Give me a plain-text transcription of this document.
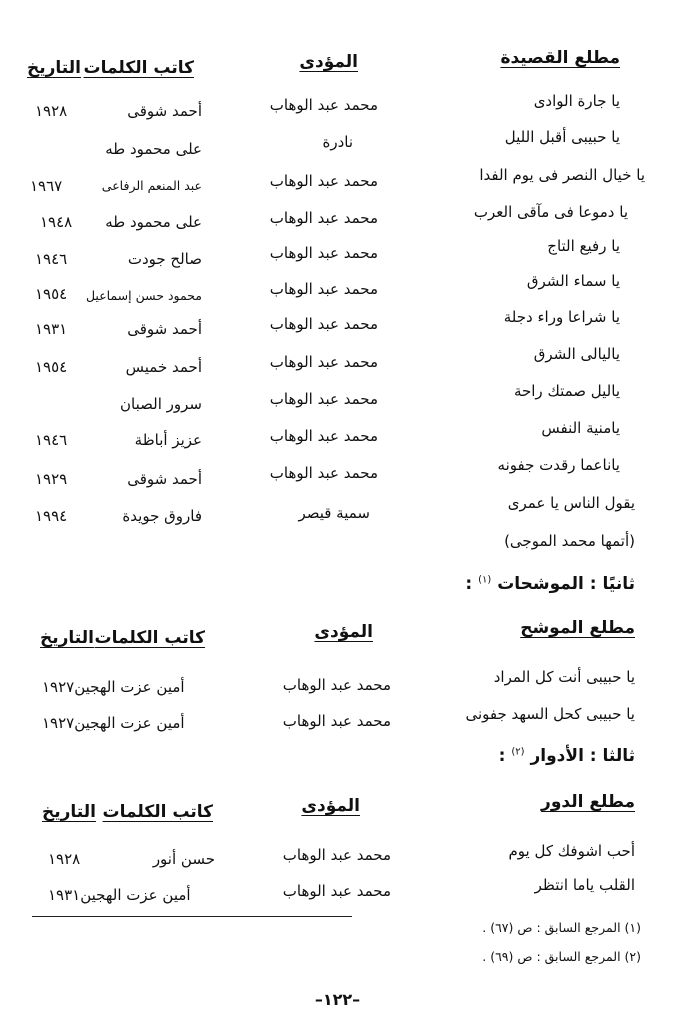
مطلع القصيدة
المؤدى
كاتب الكلمات
التاريخ
يا جارة الوادى
محمد عبد الوهاب
أحمد شوقى
١٩٢٨
يا حبيبى أقبل الليل
نادرة
على محمود طه
يا خيال النصر فى يوم الفدا
محمد عبد الوهاب
عبد المنعم الرفاعى
١٩٦٧
يا دموعا فى مآقى العرب
محمد عبد الوهاب
على محمود طه
١٩٤٨
يا رفيع التاج
محمد عبد الوهاب
صالح جودت
١٩٤٦
يا سماء الشرق
محمد عبد الوهاب
محمود حسن إسماعيل
١٩٥٤
يا شراعا وراء دجلة
محمد عبد الوهاب
أحمد شوقى
١٩٣١
ياليالى الشرق
محمد عبد الوهاب
أحمد خميس
١٩٥٤
ياليل صمتك راحة
محمد عبد الوهاب
سرور الصبان
يامنية النفس
محمد عبد الوهاب
عزيز أباظة
١٩٤٦
ياناعما رقدت جفونه
محمد عبد الوهاب
أحمد شوقى
١٩٢٩
يقول الناس يا عمرى
سمية قيصر
فاروق جويدة
١٩٩٤
(أتمها محمد الموجى)
ثانيًا : الموشحات $^{(١)}$ :
مطلع الموشح
المؤدى
كاتب الكلمات
التاريخ
يا حبيبى أنت كل المراد
محمد عبد الوهاب
أمين عزت الهجين١٩٢٧
يا حبيبى كحل السهد جفونى
محمد عبد الوهاب
أمين عزت الهجين١٩٢٧
ثالثا : الأدوار $^{(٢)}$ :
مطلع الدور
المؤدى
كاتب الكلمات
التاريخ
أحب اشوفك كل يوم
محمد عبد الوهاب
حسن أنور
١٩٢٨
القلب ياما انتظر
محمد عبد الوهاب
أمين عزت الهجين١٩٣١
(١) المرجع السابق : ص (٦٧) .
(٢) المرجع السابق : ص (٦٩) .
–١٢٢–
